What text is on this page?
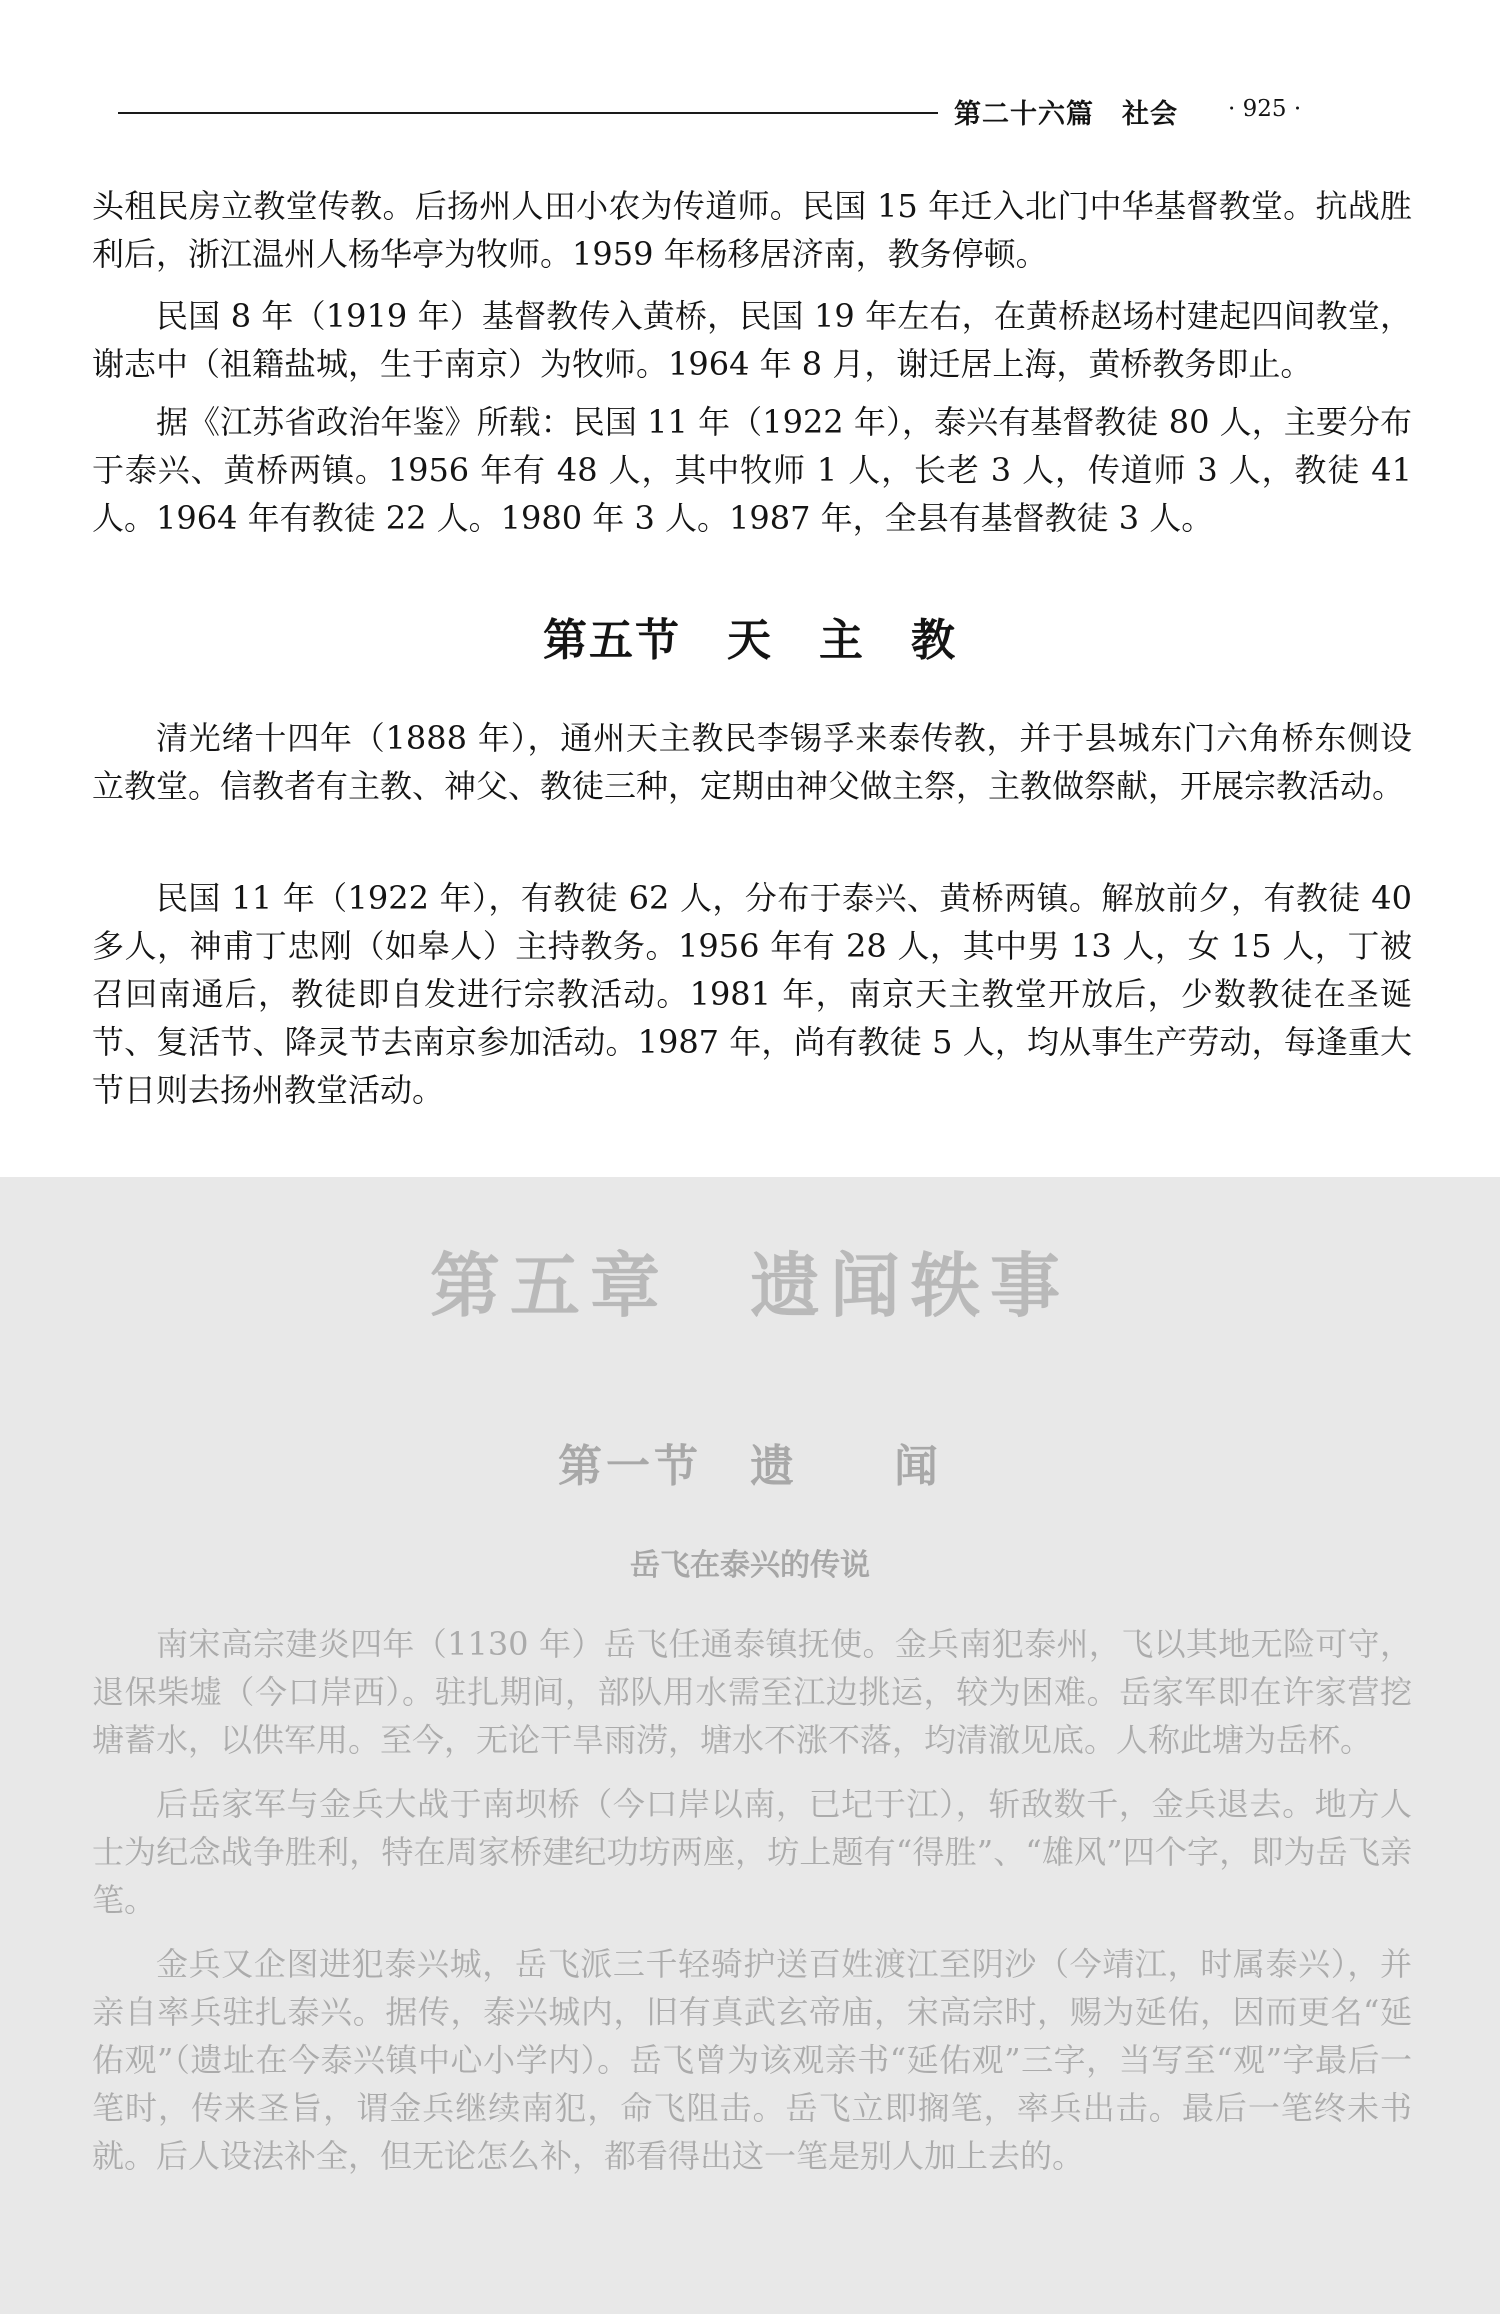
第二十六篇　社会 · 925 ·

头租民房立教堂传教。后扬州人田小农为传道师。民国 15 年迁入北门中华基督教堂。抗战胜利后，浙江温州人杨华亭为牧师。1959 年杨移居济南，教务停顿。

民国 8 年（1919 年）基督教传入黄桥，民国 19 年左右，在黄桥赵场村建起四间教堂，谢志中（祖籍盐城，生于南京）为牧师。1964 年 8 月，谢迁居上海，黄桥教务即止。

据《江苏省政治年鉴》所载：民国 11 年（1922 年），泰兴有基督教徒 80 人，主要分布于泰兴、黄桥两镇。1956 年有 48 人，其中牧师 1 人，长老 3 人，传道师 3 人，教徒 41 人。1964 年有教徒 22 人。1980 年 3 人。1987 年，全县有基督教徒 3 人。

第五节　天　主　教

清光绪十四年（1888 年），通州天主教民李锡孚来泰传教，并于县城东门六角桥东侧设立教堂。信教者有主教、神父、教徒三种，定期由神父做主祭，主教做祭献，开展宗教活动。

民国 11 年（1922 年），有教徒 62 人，分布于泰兴、黄桥两镇。解放前夕，有教徒 40 多人，神甫丁忠刚（如皋人）主持教务。1956 年有 28 人，其中男 13 人，女 15 人，丁被召回南通后，教徒即自发进行宗教活动。1981 年，南京天主教堂开放后，少数教徒在圣诞节、复活节、降灵节去南京参加活动。1987 年，尚有教徒 5 人，均从事生产劳动，每逢重大节日则去扬州教堂活动。

第五章　遗闻轶事
第一节　遗　　闻
岳飞在泰兴的传说

南宋高宗建炎四年（1130 年）岳飞任通泰镇抚使。金兵南犯泰州，飞以其地无险可守，退保柴墟（今口岸西）。驻扎期间，部队用水需至江边挑运，较为困难。岳家军即在许家营挖塘蓄水，以供军用。至今，无论干旱雨涝，塘水不涨不落，均清澈见底。人称此塘为岳杯。

后岳家军与金兵大战于南坝桥（今口岸以南，已圮于江），斩敌数千，金兵退去。地方人士为纪念战争胜利，特在周家桥建纪功坊两座，坊上题有“得胜”、“雄风”四个字，即为岳飞亲笔。

金兵又企图进犯泰兴城，岳飞派三千轻骑护送百姓渡江至阴沙（今靖江，时属泰兴），并亲自率兵驻扎泰兴。据传，泰兴城内，旧有真武玄帝庙，宋高宗时，赐为延佑，因而更名“延佑观”（遗址在今泰兴镇中心小学内）。岳飞曾为该观亲书“延佑观”三字，当写至“观”字最后一笔时，传来圣旨，谓金兵继续南犯，命飞阻击。岳飞立即搁笔，率兵出击。最后一笔终未书就。后人设法补全，但无论怎么补，都看得出这一笔是别人加上去的。
